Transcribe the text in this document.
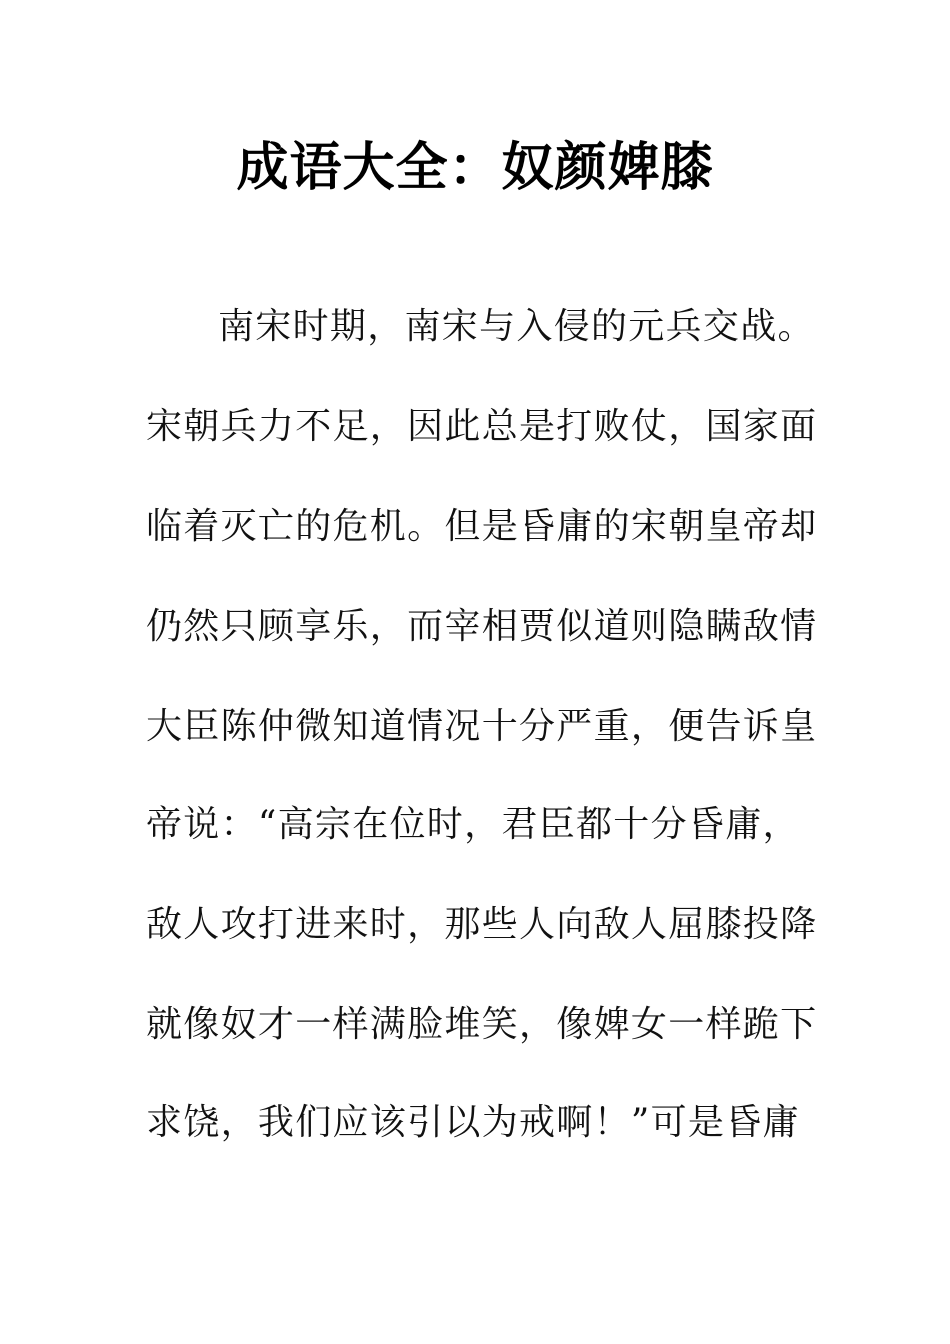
成语大全：奴颜婢膝
南宋时期，南宋与入侵的元兵交战。
宋朝兵力不足，因此总是打败仗，国家面
临着灭亡的危机。但是昏庸的宋朝皇帝却
仍然只顾享乐，而宰相贾似道则隐瞒敌情
大臣陈仲微知道情况十分严重，便告诉皇
帝说：“高宗在位时，君臣都十分昏庸，
敌人攻打进来时，那些人向敌人屈膝投降
就像奴才一样满脸堆笑，像婢女一样跪下
求饶，我们应该引以为戒啊！”可是昏庸
